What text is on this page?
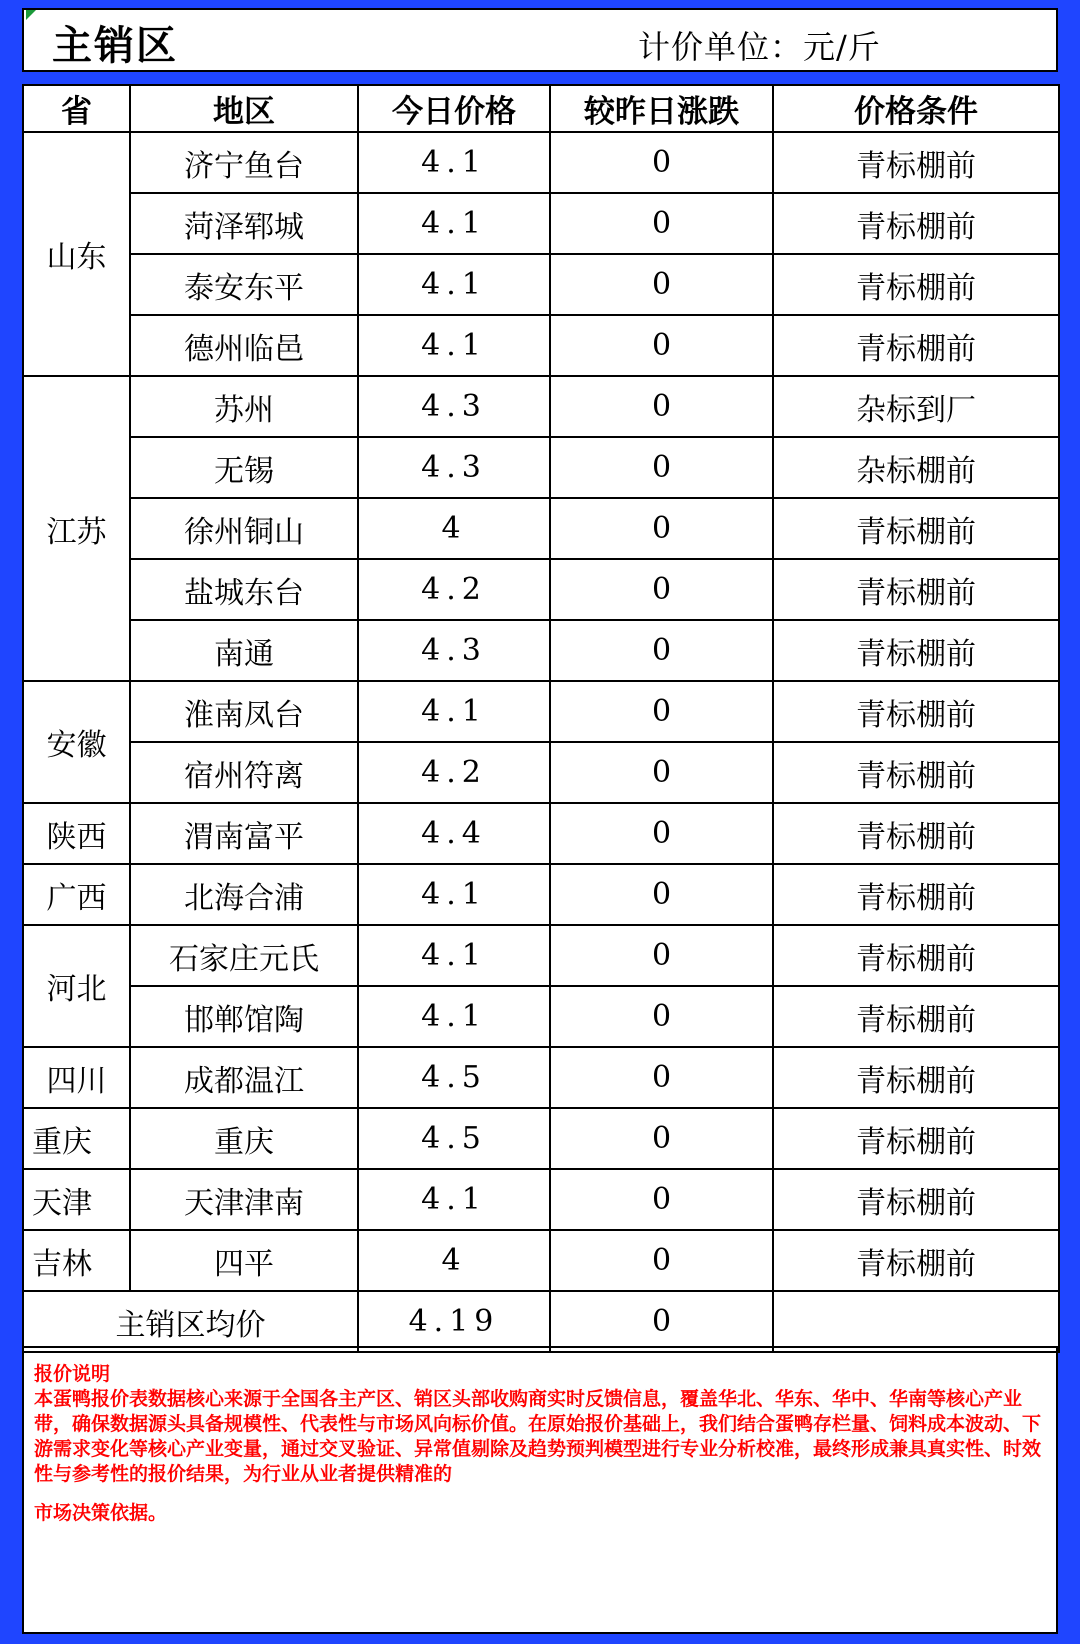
主销区	计价单位：元/斤
省	地区	今日价格	较昨日涨跌	价格条件
山东	济宁鱼台	4.1	0	青标棚前
	菏泽郓城	4.1	0	青标棚前
	泰安东平	4.1	0	青标棚前
	德州临邑	4.1	0	青标棚前
江苏	苏州	4.3	0	杂标到厂
	无锡	4.3	0	杂标棚前
	徐州铜山	4	0	青标棚前
	盐城东台	4.2	0	青标棚前
	南通	4.3	0	青标棚前
安徽	淮南凤台	4.1	0	青标棚前
	宿州符离	4.2	0	青标棚前
陕西	渭南富平	4.4	0	青标棚前
广西	北海合浦	4.1	0	青标棚前
河北	石家庄元氏	4.1	0	青标棚前
	邯郸馆陶	4.1	0	青标棚前
四川	成都温江	4.5	0	青标棚前
重庆	重庆	4.5	0	青标棚前
天津	天津津南	4.1	0	青标棚前
吉林	四平	4	0	青标棚前
主销区均价		4.19	0	
报价说明
本蛋鸭报价表数据核心来源于全国各主产区、销区头部收购商实时反馈信息，覆盖华北、华东、华中、华南等核心产业带，确保数据源头具备规模性、代表性与市场风向标价值。在原始报价基础上，我们结合蛋鸭存栏量、饲料成本波动、下游需求变化等核心产业变量，通过交叉验证、异常值剔除及趋势预判模型进行专业分析校准，最终形成兼具真实性、时效性与参考性的报价结果，为行业从业者提供精准的
市场决策依据。
